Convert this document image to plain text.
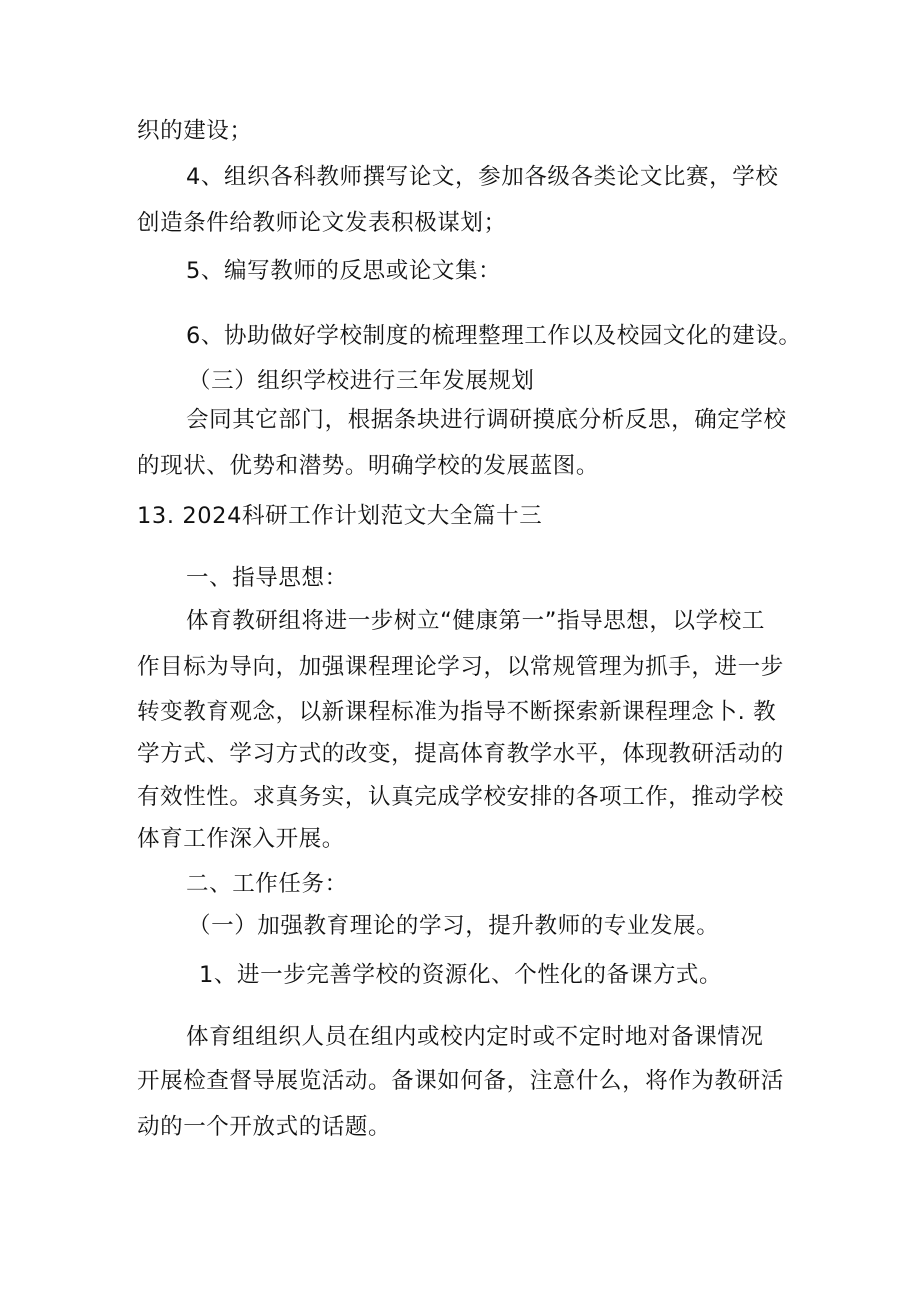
织的建设；
4、组织各科教师撰写论文，参加各级各类论文比赛，学校
创造条件给教师论文发表积极谋划；
5、编写教师的反思或论文集：
6、协助做好学校制度的梳理整理工作以及校园文化的建设。
（三）组织学校进行三年发展规划
会同其它部门，根据条块进行调研摸底分析反思，确定学校
的现状、优势和潜势。明确学校的发展蓝图。
13. 2024科研工作计划范文大全篇十三
一、指导思想：
体育教研组将进一步树立“健康第一”指导思想，以学校工
作目标为导向，加强课程理论学习，以常规管理为抓手，进一步
转变教育观念，以新课程标准为指导不断探索新课程理念卜. 教
学方式、学习方式的改变，提高体育教学水平，体现教研活动的
有效性性。求真务实，认真完成学校安排的各项工作，推动学校
体育工作深入开展。
二、工作任务：
（一）加强教育理论的学习，提升教师的专业发展。
1、进一步完善学校的资源化、个性化的备课方式。
体育组组织人员在组内或校内定时或不定时地对备课情况
开展检查督导展览活动。备课如何备，注意什么，将作为教研活
动的一个开放式的话题。
